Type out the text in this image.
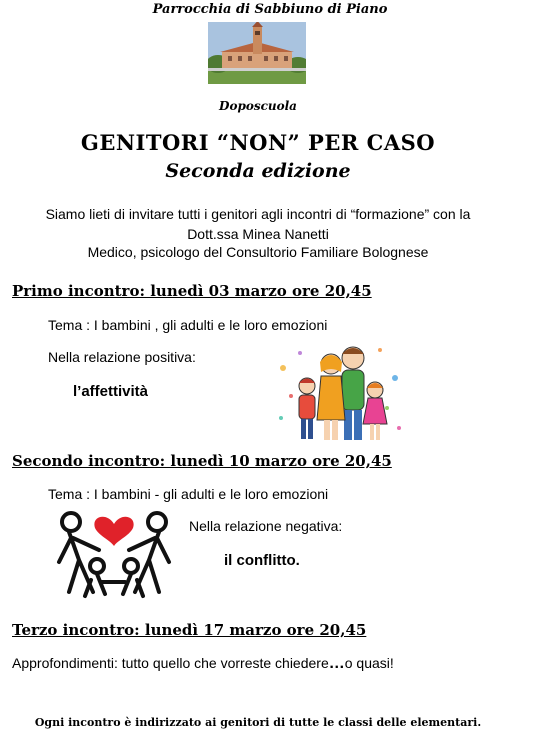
Parrocchia di Sabbiuno di Piano
Doposcuola
GENITORI “NON” PER CASO
Seconda edizione
Siamo lieti di invitare tutti i genitori agli incontri di “formazione” con la
Dott.ssa Minea Nanetti
Medico, psicologo del Consultorio Familiare Bolognese
Primo incontro: lunedì 03 marzo ore 20,45
Tema : I bambini , gli adulti e le loro emozioni
Nella relazione positiva:
l’affettività
Secondo incontro: lunedì 10 marzo ore 20,45
Tema : I bambini - gli adulti e le loro emozioni
Nella relazione negativa:
il conflitto.
Terzo incontro: lunedì 17 marzo ore 20,45
Approfondimenti: tutto quello che vorreste chiedere…o quasi!
Ogni incontro è indirizzato ai genitori di tutte le classi delle elementari.
